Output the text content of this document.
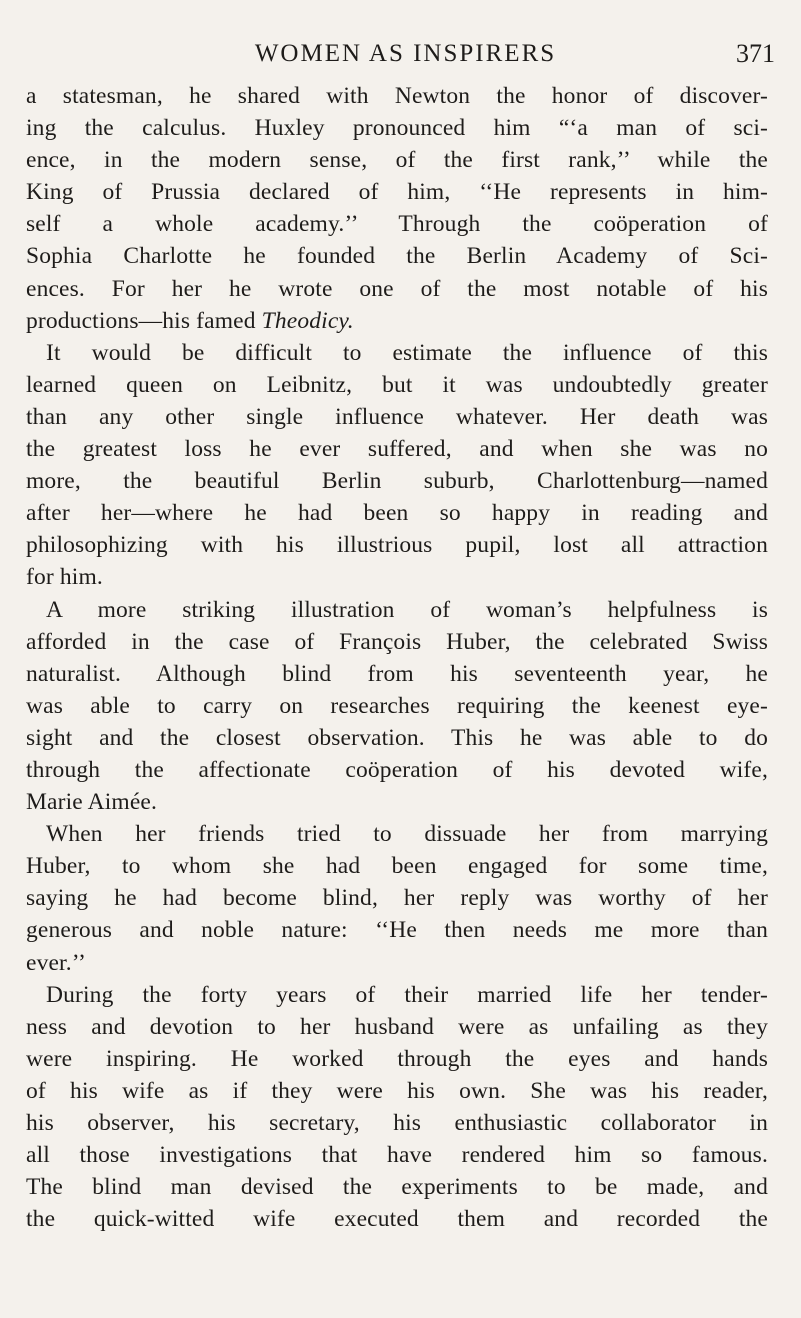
WOMEN AS INSPIRERS	371
a statesman, he shared with Newton the honor of discover-
ing the calculus. Huxley pronounced him “‘a man of sci-
ence, in the modern sense, of the first rank,’’ while the
King of Prussia declared of him, ‘‘He represents in him-
self a whole academy.’’ Through the coöperation of
Sophia Charlotte he founded the Berlin Academy of Sci-
ences. For her he wrote one of the most notable of his
productions—his famed Theodicy.
It would be difficult to estimate the influence of this
learned queen on Leibnitz, but it was undoubtedly greater
than any other single influence whatever. Her death was
the greatest loss he ever suffered, and when she was no
more, the beautiful Berlin suburb, Charlottenburg—named
after her—where he had been so happy in reading and
philosophizing with his illustrious pupil, lost all attraction
for him.
A more striking illustration of woman’s helpfulness is
afforded in the case of François Huber, the celebrated Swiss
naturalist. Although blind from his seventeenth year, he
was able to carry on researches requiring the keenest eye-
sight and the closest observation. This he was able to do
through the affectionate coöperation of his devoted wife,
Marie Aimée.
When her friends tried to dissuade her from marrying
Huber, to whom she had been engaged for some time,
saying he had become blind, her reply was worthy of her
generous and noble nature: ‘‘He then needs me more than
ever.’’
During the forty years of their married life her tender-
ness and devotion to her husband were as unfailing as they
were inspiring. He worked through the eyes and hands
of his wife as if they were his own. She was his reader,
his observer, his secretary, his enthusiastic collaborator in
all those investigations that have rendered him so famous.
The blind man devised the experiments to be made, and
the quick-witted wife executed them and recorded the
